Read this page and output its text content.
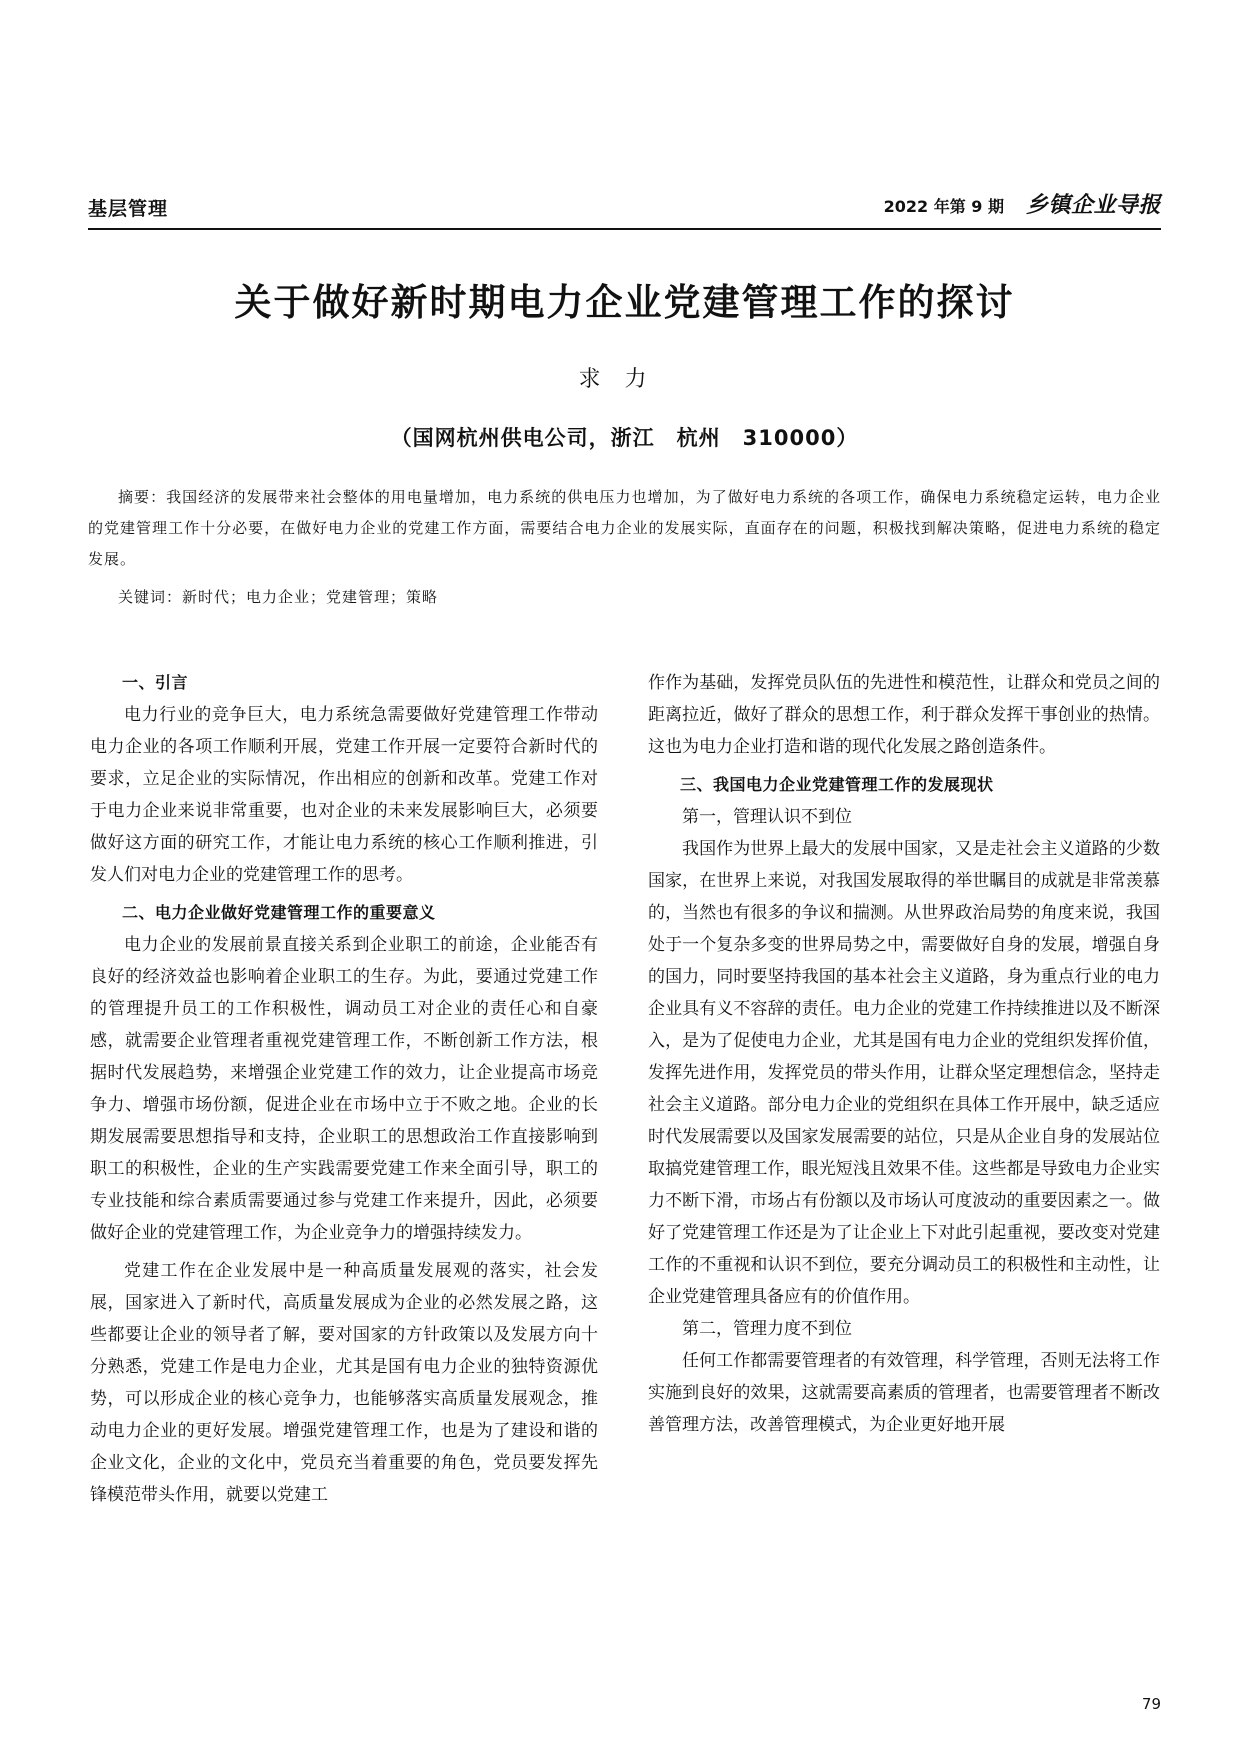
基层管理	2022 年第 9 期 乡镇企业导报
关于做好新时期电力企业党建管理工作的探讨
求力
（国网杭州供电公司，浙江　杭州　310000）

摘要：我国经济的发展带来社会整体的用电量增加，电力系统的供电压力也增加，为了做好电力系统的各项工作，确保电力系统稳定运转，电力企业的党建管理工作十分必要，在做好电力企业的党建工作方面，需要结合电力企业的发展实际，直面存在的问题，积极找到解决策略，促进电力系统的稳定发展。

关键词：新时代；电力企业；党建管理；策略

一、引言

电力行业的竞争巨大，电力系统急需要做好党建管理工作带动电力企业的各项工作顺利开展，党建工作开展一定要符合新时代的要求，立足企业的实际情况，作出相应的创新和改革。党建工作对于电力企业来说非常重要，也对企业的未来发展影响巨大，必须要做好这方面的研究工作，才能让电力系统的核心工作顺利推进，引发人们对电力企业的党建管理工作的思考。

二、电力企业做好党建管理工作的重要意义

电力企业的发展前景直接关系到企业职工的前途，企业能否有良好的经济效益也影响着企业职工的生存。为此，要通过党建工作的管理提升员工的工作积极性，调动员工对企业的责任心和自豪感，就需要企业管理者重视党建管理工作，不断创新工作方法，根据时代发展趋势，来增强企业党建工作的效力，让企业提高市场竞争力、增强市场份额，促进企业在市场中立于不败之地。企业的长期发展需要思想指导和支持，企业职工的思想政治工作直接影响到职工的积极性，企业的生产实践需要党建工作来全面引导，职工的专业技能和综合素质需要通过参与党建工作来提升，因此，必须要做好企业的党建管理工作，为企业竞争力的增强持续发力。

党建工作在企业发展中是一种高质量发展观的落实，社会发展，国家进入了新时代，高质量发展成为企业的必然发展之路，这些都要让企业的领导者了解，要对国家的方针政策以及发展方向十分熟悉，党建工作是电力企业，尤其是国有电力企业的独特资源优势，可以形成企业的核心竞争力，也能够落实高质量发展观念，推动电力企业的更好发展。增强党建管理工作，也是为了建设和谐的企业文化，企业的文化中，党员充当着重要的角色，党员要发挥先锋模范带头作用，就要以党建工

作作为基础，发挥党员队伍的先进性和模范性，让群众和党员之间的距离拉近，做好了群众的思想工作，利于群众发挥干事创业的热情。这也为电力企业打造和谐的现代化发展之路创造条件。

三、我国电力企业党建管理工作的发展现状
第一，管理认识不到位

我国作为世界上最大的发展中国家，又是走社会主义道路的少数国家，在世界上来说，对我国发展取得的举世瞩目的成就是非常羡慕的，当然也有很多的争议和揣测。从世界政治局势的角度来说，我国处于一个复杂多变的世界局势之中，需要做好自身的发展，增强自身的国力，同时要坚持我国的基本社会主义道路，身为重点行业的电力企业具有义不容辞的责任。电力企业的党建工作持续推进以及不断深入，是为了促使电力企业，尤其是国有电力企业的党组织发挥价值，发挥先进作用，发挥党员的带头作用，让群众坚定理想信念，坚持走社会主义道路。部分电力企业的党组织在具体工作开展中，缺乏适应时代发展需要以及国家发展需要的站位，只是从企业自身的发展站位取搞党建管理工作，眼光短浅且效果不佳。这些都是导致电力企业实力不断下滑，市场占有份额以及市场认可度波动的重要因素之一。做好了党建管理工作还是为了让企业上下对此引起重视，要改变对党建工作的不重视和认识不到位，要充分调动员工的积极性和主动性，让企业党建管理具备应有的价值作用。

第二，管理力度不到位

任何工作都需要管理者的有效管理，科学管理，否则无法将工作实施到良好的效果，这就需要高素质的管理者，也需要管理者不断改善管理方法，改善管理模式，为企业更好地开展

79
